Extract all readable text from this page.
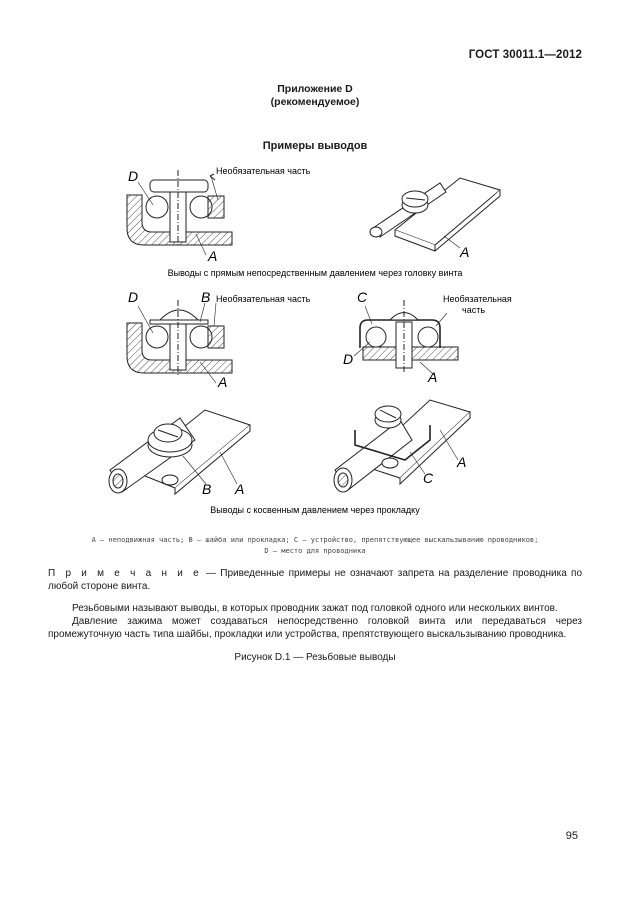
ГОСТ 30011.1—2012
Приложение D
(рекомендуемое)
Примеры выводов
D	Необязательная часть
A	A
Выводы с прямым непосредственным давлением через головку винта
D	B Необязательная часть
A
C	Необязательная
часть
D
A
B A
C
A
Выводы с косвенным давлением через прокладку
A — неподвижная часть; B — шайба или прокладка; C — устройство, препятствующее выскальзыванию проводников;
D — место для проводника
П р и м е ч а н и е — Приведенные примеры не означают запрета на разделение проводника по любой стороне винта.
Резьбовыми называют выводы, в которых проводник зажат под головкой одного или нескольких винтов.
Давление зажима может создаваться непосредственно головкой винта или передаваться через промежуточную часть типа шайбы, прокладки или устройства, препятствующего выскальзыванию проводника.
Рисунок D.1 — Резьбовые выводы
95
